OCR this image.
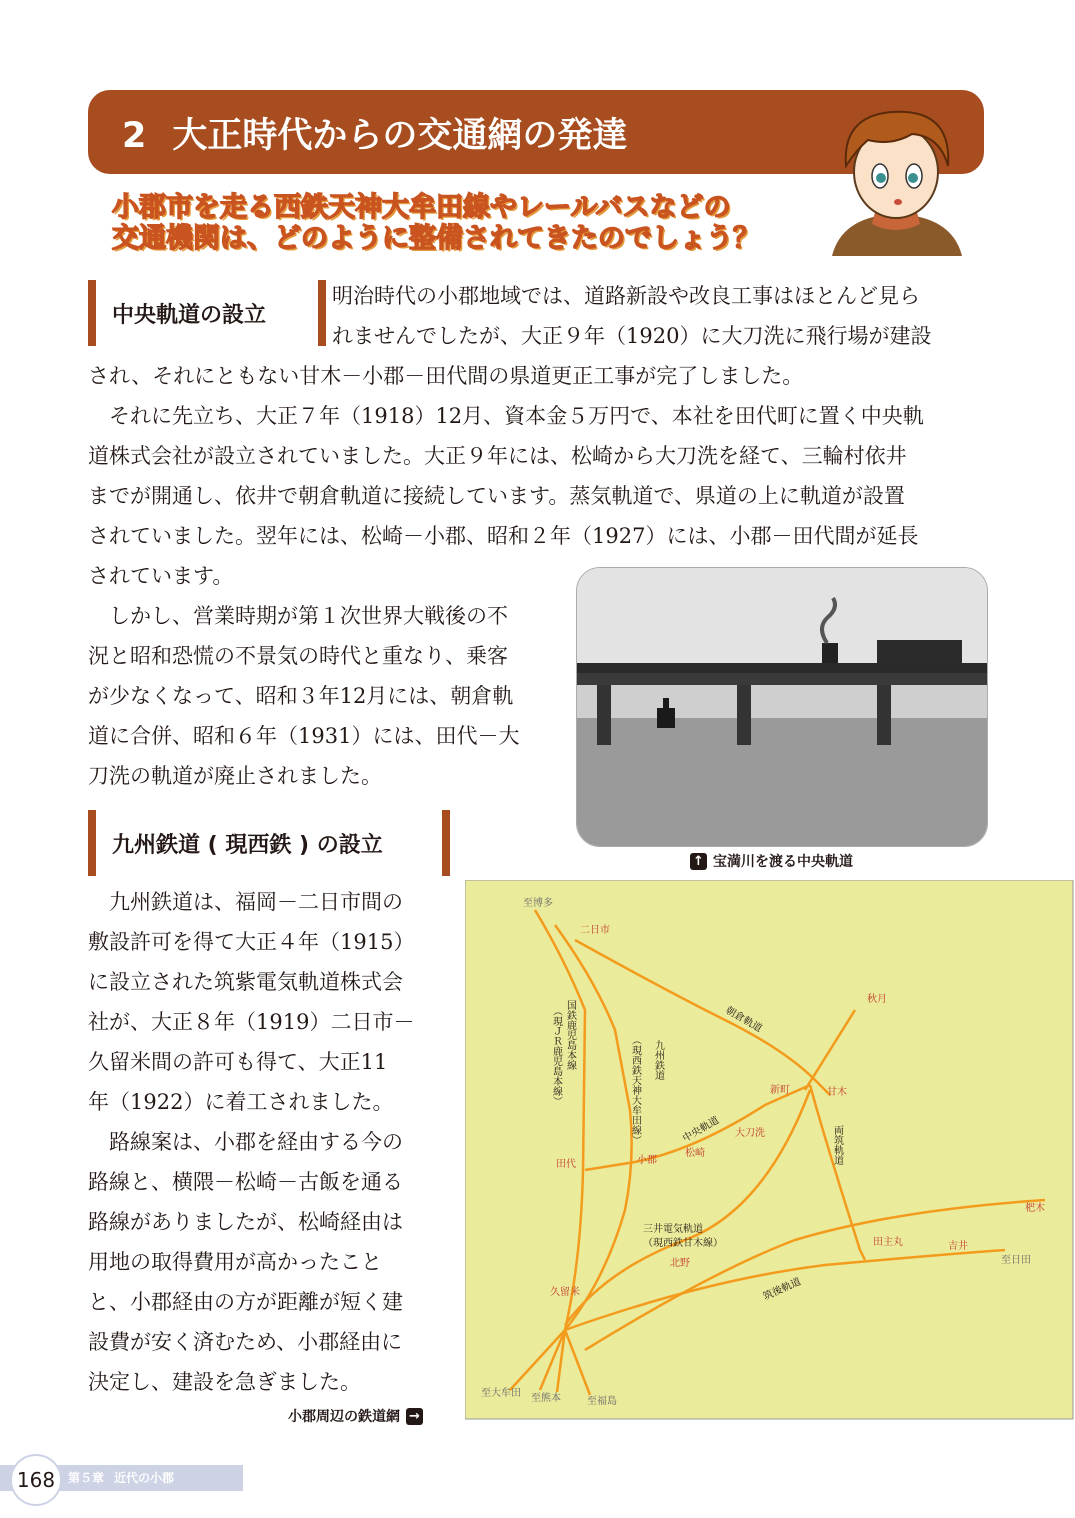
2 大正時代からの交通網の発達
小郡市を走る西鉄天神大牟田線やレールバスなどの
交通機関は、どのように整備されてきたのでしょう？
中央軌道の設立
明治時代の小郡地域では、道路新設や改良工事はほとんど見ら
れませんでしたが、大正９年（1920）に大刀洗に飛行場が建設
され、それにともない甘木－小郡－田代間の県道更正工事が完了しました。
それに先立ち、大正７年（1918）12月、資本金５万円で、本社を田代町に置く中央軌
道株式会社が設立されていました。大正９年には、松崎から大刀洗を経て、三輪村依井
までが開通し、依井で朝倉軌道に接続しています。蒸気軌道で、県道の上に軌道が設置
されていました。翌年には、松崎－小郡、昭和２年（1927）には、小郡－田代間が延長
されています。
しかし、営業時期が第１次世界大戦後の不
況と昭和恐慌の不景気の時代と重なり、乗客
が少なくなって、昭和３年12月には、朝倉軌
道に合併、昭和６年（1931）には、田代－大
刀洗の軌道が廃止されました。
↑ 宝満川を渡る中央軌道
九州鉄道 ( 現西鉄 ) の設立
九州鉄道は、福岡－二日市間の
敷設許可を得て大正４年（1915）
に設立された筑紫電気軌道株式会
社が、大正８年（1919）二日市－
久留米間の許可も得て、大正11
年（1922）に着工されました。
路線案は、小郡を経由する今の
路線と、横隈－松崎－古飯を通る
路線がありましたが、松崎経由は
用地の取得費用が高かったこと
と、小郡経由の方が距離が短く建
設費が安く済むため、小郡経由に
決定し、建設を急ぎました。
小郡周辺の鉄道網 →
至博多
二日市
秋月
甘木
新町
大刀洗
松崎
小郡
田代
久留米
北野
田主丸	吉井
杷木
至日田
至大牟田 至熊本	至福島
国鉄鹿児島本線
（現ＪＲ鹿児島本線）	九州鉄道
（現西鉄天神大牟田線）
朝倉軌道
中央軌道	両筑軌道
三井電気軌道
（現西鉄甘木線）
筑後軌道
168	第５章 近代の小郡
